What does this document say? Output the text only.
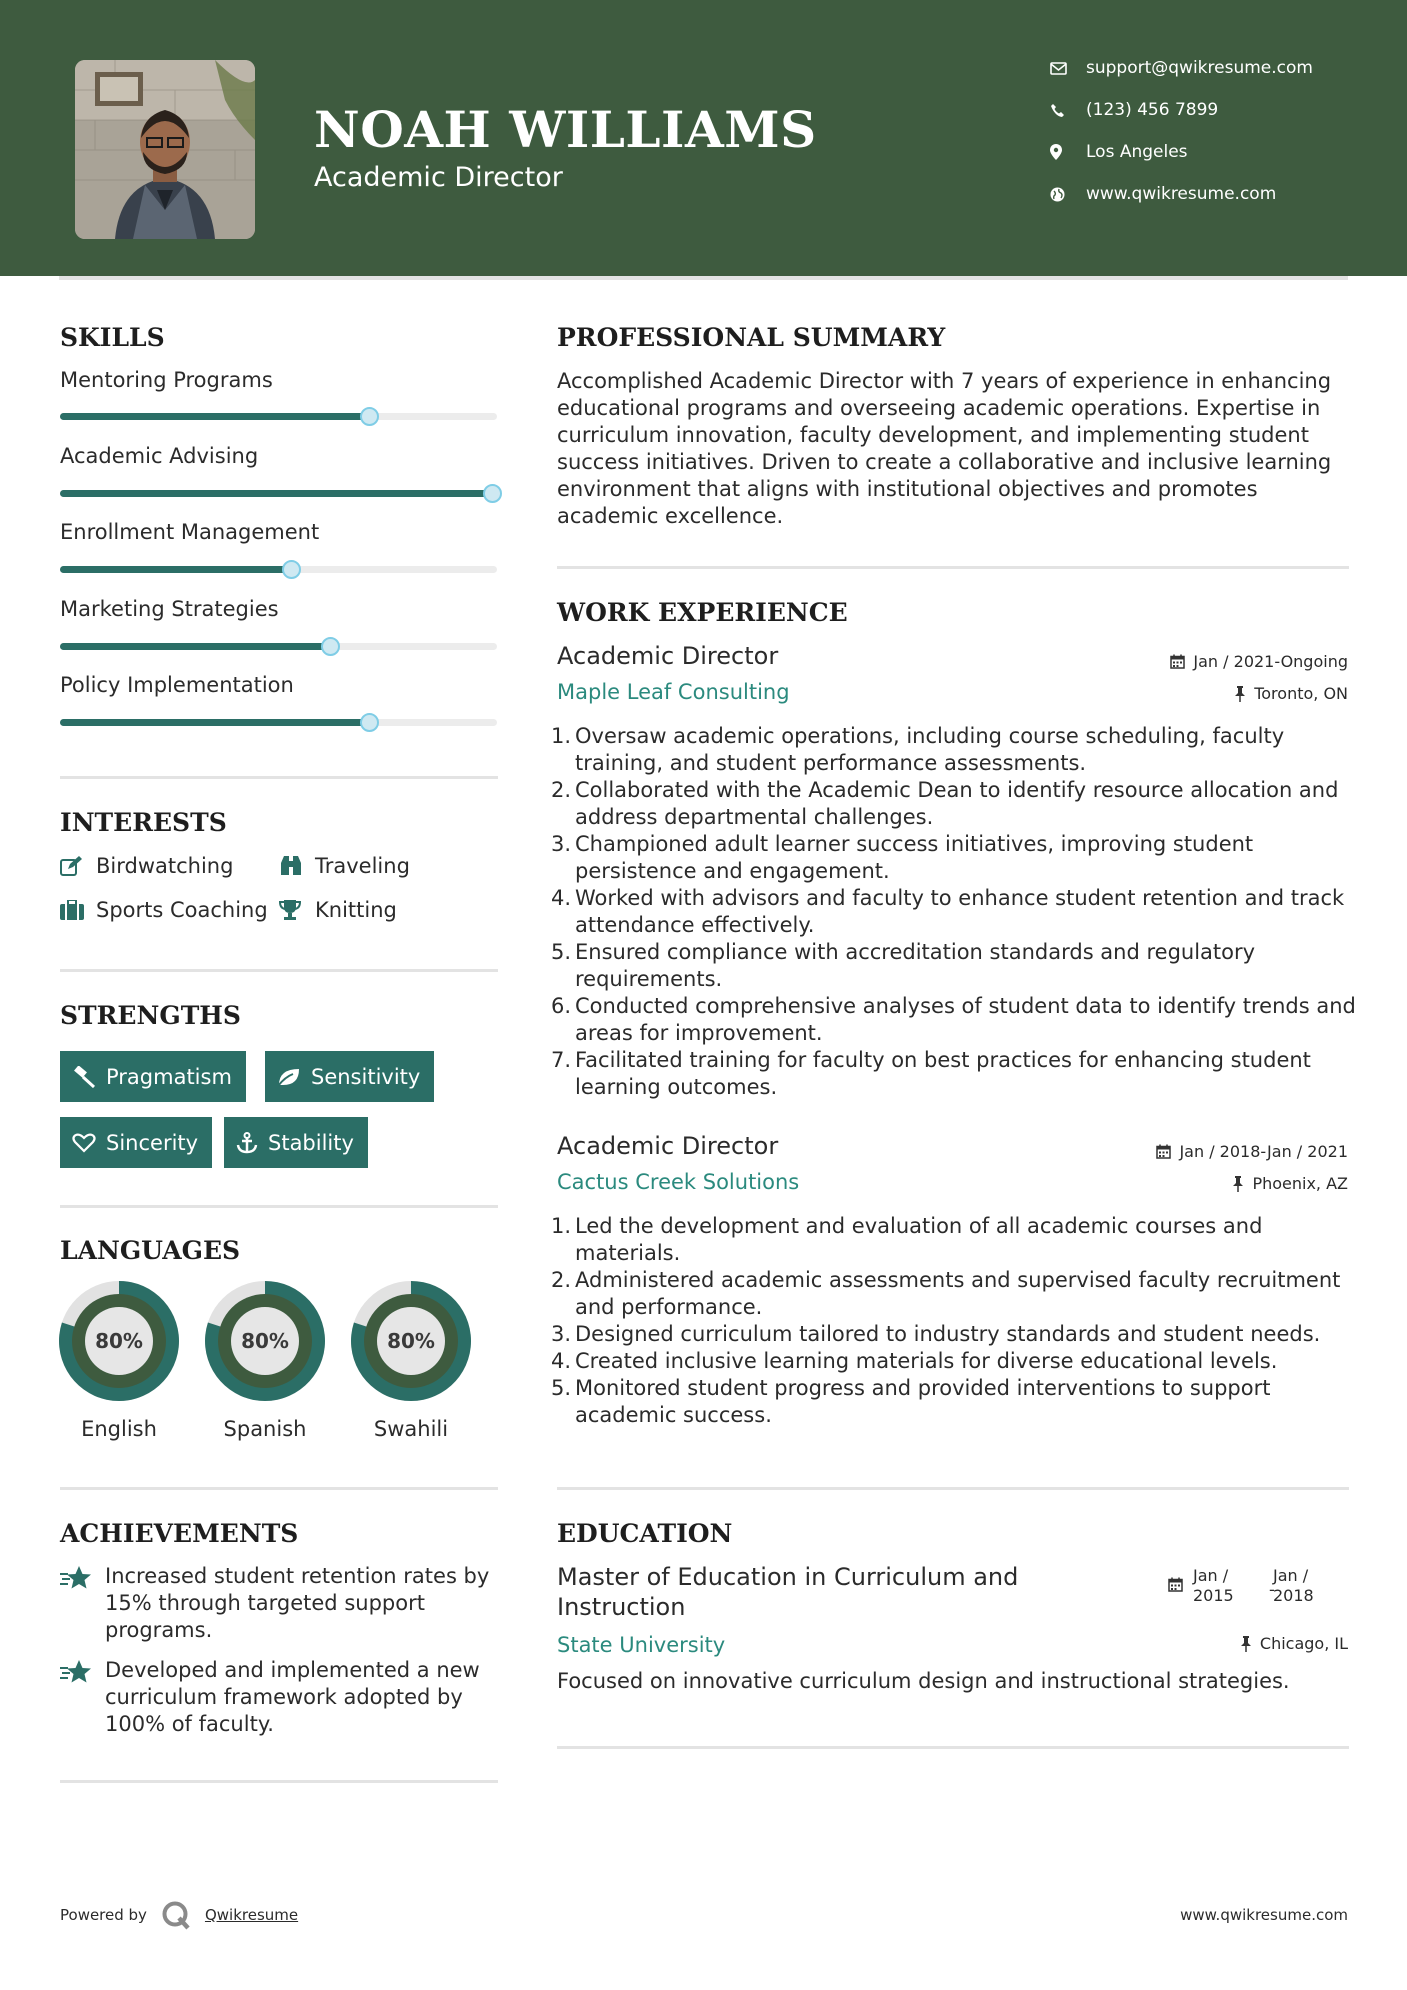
NOAH WILLIAMS
Academic Director
support@qwikresume.com
(123) 456 7899
Los Angeles
www.qwikresume.com
SKILLS
Mentoring Programs
Academic Advising
Enrollment Management
Marketing Strategies
Policy Implementation
INTERESTS
Birdwatching	Traveling
Sports Coaching Knitting
STRENGTHS
Pragmatism	Sensitivity
Sincerity	Stability
LANGUAGES
80%
English
80%
Spanish
80%
Swahili
ACHIEVEMENTS
Increased student retention rates by 15% through targeted support programs.
Developed and implemented a new curriculum framework adopted by 100% of faculty.
PROFESSIONAL SUMMARY
Accomplished Academic Director with 7 years of experience in enhancing educational programs and overseeing academic operations. Expertise in curriculum innovation, faculty development, and implementing student success initiatives. Driven to create a collaborative and inclusive learning environment that aligns with institutional objectives and promotes academic excellence.
WORK EXPERIENCE
Academic Director
Maple Leaf Consulting
Jan / 2021-Ongoing
Toronto, ON
1. Oversaw academic operations, including course scheduling, faculty training, and student performance assessments.
2. Collaborated with the Academic Dean to identify resource allocation and address departmental challenges.
3. Championed adult learner success initiatives, improving student persistence and engagement.
4. Worked with advisors and faculty to enhance student retention and track attendance effectively.
5. Ensured compliance with accreditation standards and regulatory requirements.
6. Conducted comprehensive analyses of student data to identify trends and areas for improvement.
7. Facilitated training for faculty on best practices for enhancing student learning outcomes.
Academic Director
Cactus Creek Solutions
Jan / 2018-Jan / 2021
Phoenix, AZ
1. Led the development and evaluation of all academic courses and materials.
2. Administered academic assessments and supervised faculty recruitment and performance.
3. Designed curriculum tailored to industry standards and student needs.
4. Created inclusive learning materials for diverse educational levels.
5. Monitored student progress and provided interventions to support academic success.
EDUCATION
Master of Education in Curriculum and
Instruction
State University
Jan /
2015 -
Jan /
2018
Chicago, IL
Focused on innovative curriculum design and instructional strategies.
Powered by	Qwikresume	www.qwikresume.com
